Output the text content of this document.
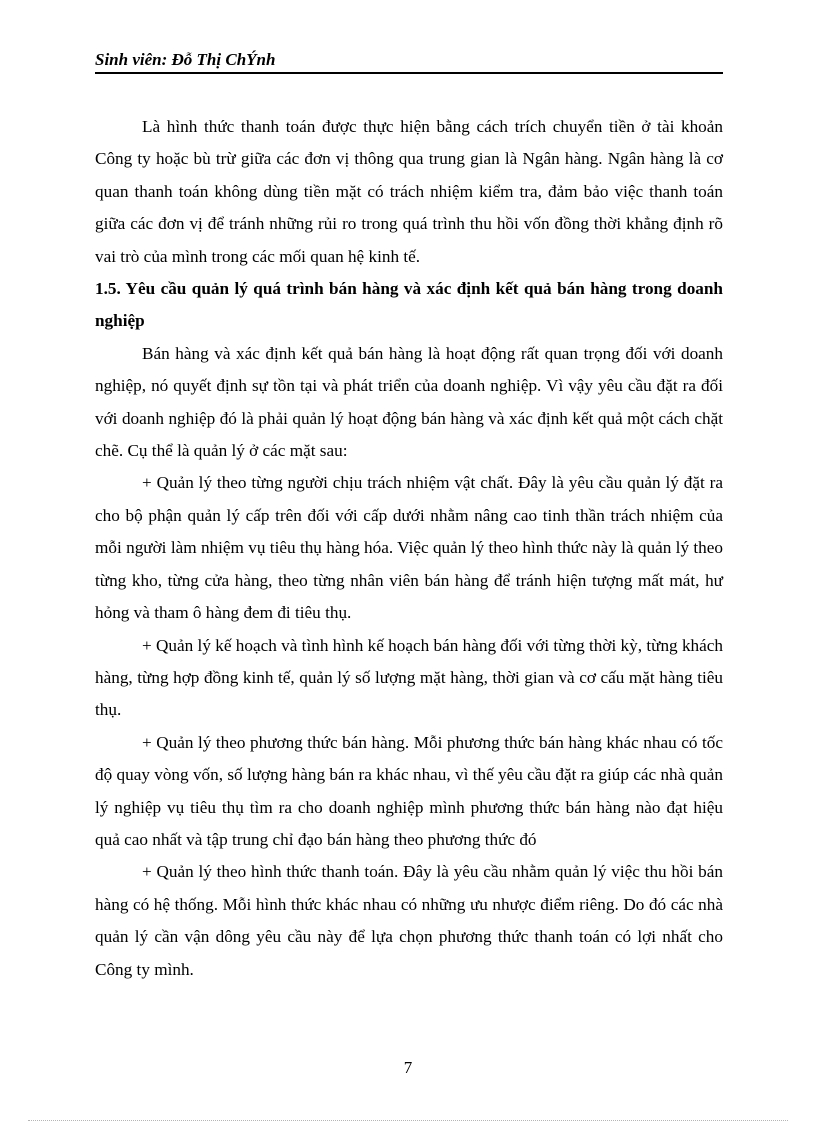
Sinh viên: Đỗ Thị ChÝnh

Là hình thức thanh toán được thực hiện bằng cách trích chuyển tiền ở tài khoản Công ty hoặc bù trừ giữa các đơn vị thông qua trung gian là Ngân hàng. Ngân hàng là cơ quan thanh toán không dùng tiền mặt có trách nhiệm kiểm tra, đảm bảo việc thanh toán giữa các đơn vị để tránh những rủi ro trong quá trình thu hồi vốn đồng thời khẳng định rõ vai trò của mình trong các mối quan hệ kinh tế.

1.5. Yêu cầu quản lý quá trình bán hàng và xác định kết quả bán hàng trong doanh nghiệp

Bán hàng và xác định kết quả bán hàng là hoạt động rất quan trọng đối với doanh nghiệp, nó quyết định sự tồn tại và phát triển của doanh nghiệp. Vì vậy yêu cầu đặt ra đối với doanh nghiệp đó là phải quản lý hoạt động bán hàng và xác định kết quả một cách chặt chẽ. Cụ thể là quản lý ở các mặt sau:

+ Quản lý theo từng người chịu trách nhiệm vật chất. Đây là yêu cầu quản lý đặt ra cho bộ phận quản lý cấp trên đối với cấp dưới nhằm nâng cao tinh thần trách nhiệm của mỗi người làm nhiệm vụ tiêu thụ hàng hóa. Việc quản lý theo hình thức này là quản lý theo từng kho, từng cửa hàng, theo từng nhân viên bán hàng để tránh hiện tượng mất mát, hư hỏng và tham ô hàng đem đi tiêu thụ.

+ Quản lý kế hoạch và tình hình kế hoạch bán hàng đối với từng thời kỳ, từng khách hàng, từng hợp đồng kinh tế, quản lý số lượng mặt hàng, thời gian và cơ cấu mặt hàng tiêu thụ.

+ Quản lý theo phương thức bán hàng. Mỗi phương thức bán hàng khác nhau có tốc độ quay vòng vốn, số lượng hàng bán ra khác nhau, vì thế yêu cầu đặt ra giúp các nhà quản lý nghiệp vụ tiêu thụ tìm ra cho doanh nghiệp mình phương thức bán hàng nào đạt hiệu quả cao nhất và tập trung chỉ đạo bán hàng theo phương thức đó

+ Quản lý theo hình thức thanh toán. Đây là yêu cầu nhằm quản lý việc thu hồi bán hàng có hệ thống. Mỗi hình thức khác nhau có những ưu nhược điểm riêng. Do đó các nhà quản lý cần vận dông yêu cầu này để lựa chọn phương thức thanh toán có lợi nhất cho Công ty mình.

7
